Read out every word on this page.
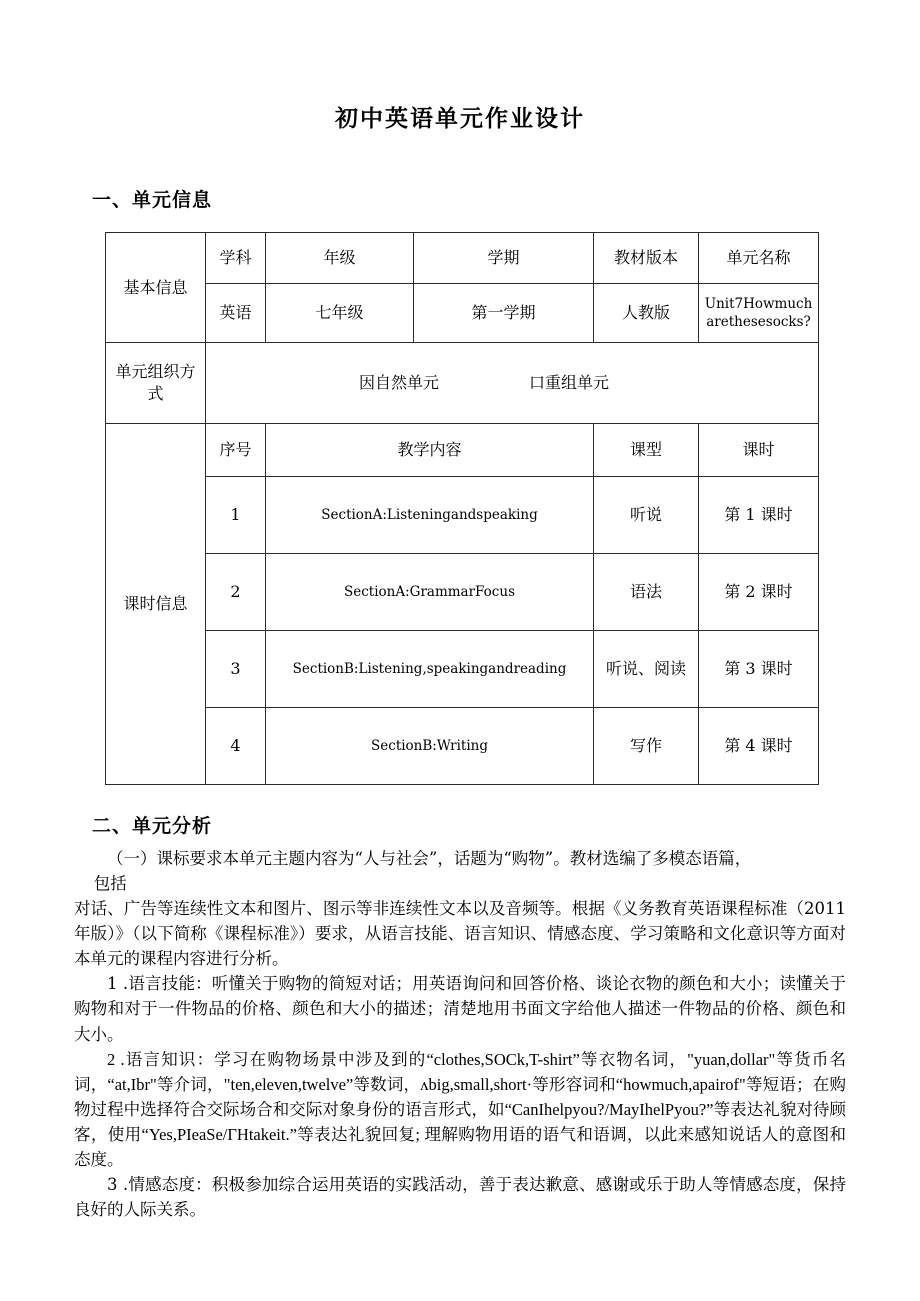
初中英语单元作业设计
一、单元信息
基本信息	学科	年级	学期	教材版本	单元名称
	英语	七年级	第一学期	人教版	Unit7Howmucharethesesocks?
单元组织方式	因自然单元 口重组单元				

课时信息	序号	教学内容		课型	课时
	1	SectionA:Listeningandspeaking		听说	第 1 课时
	2	SectionA:GrammarFocus		语法	第 2 课时
	3	SectionB:Listening,speakingandreading		听说、阅读	第 3 课时
	4	SectionB:Writing		写作	第 4 课时
二、单元分析

（一）课标要求本单元主题内容为“人与社会”，话题为“购物”。教材选编了多模态语篇，

包括

对话、广告等连续性文本和图片、图示等非连续性文本以及音频等。根据《义务教育英语课程标准（2011年版）》（以下简称《课程标准》）要求，从语言技能、语言知识、情感态度、学习策略和文化意识等方面对本单元的课程内容进行分析。

1 .语言技能：听懂关于购物的简短对话；用英语询问和回答价格、谈论衣物的颜色和大小；读懂关于购物和对于一件物品的价格、颜色和大小的描述；清楚地用书面文字给他人描述一件物品的价格、颜色和大小。

2 .语言知识：学习在购物场景中涉及到的“clothes,SOCk,T-shirt”等衣物名词，"yuan,dollar"等货币名词，“at,Ibr"等介词，"ten,eleven,twelve”等数词，ʌbig,small,short·等形容词和“howmuch,apairof"等短语；在购物过程中选择符合交际场合和交际对象身份的语言形式，如“CanIhelpyou?/MayIhelPyou?”等表达礼貌对待顾客，使用“Yes,PIeaSe/ΓHtakeit.”等表达礼貌回复; 理解购物用语的语气和语调，以此来感知说话人的意图和态度。

3 .情感态度：积极参加综合运用英语的实践活动，善于表达歉意、感谢或乐于助人等情感态度，保持良好的人际关系。
